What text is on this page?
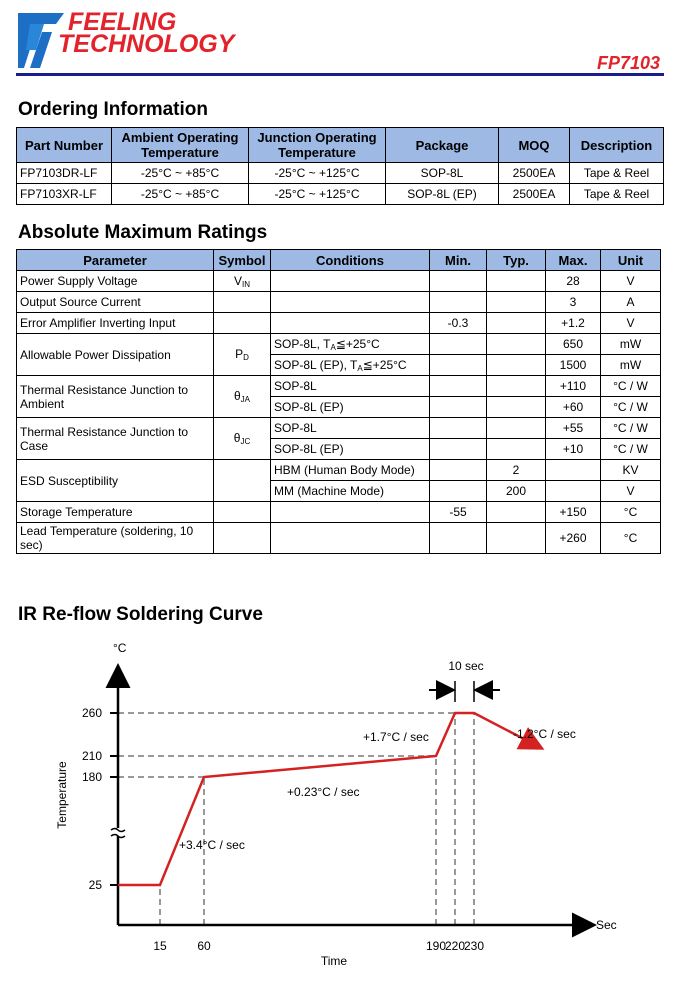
FEELING
TECHNOLOGY
FP7103
Ordering Information
Part Number	Ambient Operating Temperature	Junction Operating Temperature	Package	MOQ	Description
FP7103DR-LF	-25°C ~ +85°C	-25°C ~ +125°C	SOP-8L	2500EA	Tape & Reel
FP7103XR-LF	-25°C ~ +85°C	-25°C ~ +125°C	SOP-8L (EP)	2500EA	Tape & Reel
Absolute Maximum Ratings
Parameter	Symbol	Conditions	Min.	Typ.	Max.	Unit
Power Supply Voltage	$V_{IN}$				28	V
Output Source Current					3	A
Error Amplifier Inverting Input			-0.3		+1.2	V
Allowable Power Dissipation	$P_D$	SOP-8L, $T_A≦+25^\circ C$			650	mW
		SOP-8L (EP), $T_A≦+25^\circ C$			1500	mW
Thermal Resistance Junction to Ambient	$\theta_{JA}$	SOP-8L			+110	°C / W
		SOP-8L (EP)			+60	°C / W
Thermal Resistance Junction to Case	$\theta_{JC}$	SOP-8L			+55	°C / W
		SOP-8L (EP)			+10	°C / W
ESD Susceptibility		HBM (Human Body Mode)		2		KV
		MM (Machine Mode)		200		V
Storage Temperature			-55		+150	°C
Lead Temperature (soldering, 10 sec)					+260	°C
IR Re-flow Soldering Curve
°C
Sec
Temperature
Time
260
210
180
25
15	60	190
220
230
10 sec
+3.4°C / sec
+0.23°C / sec
+1.7°C / sec	-1.2°C / sec
